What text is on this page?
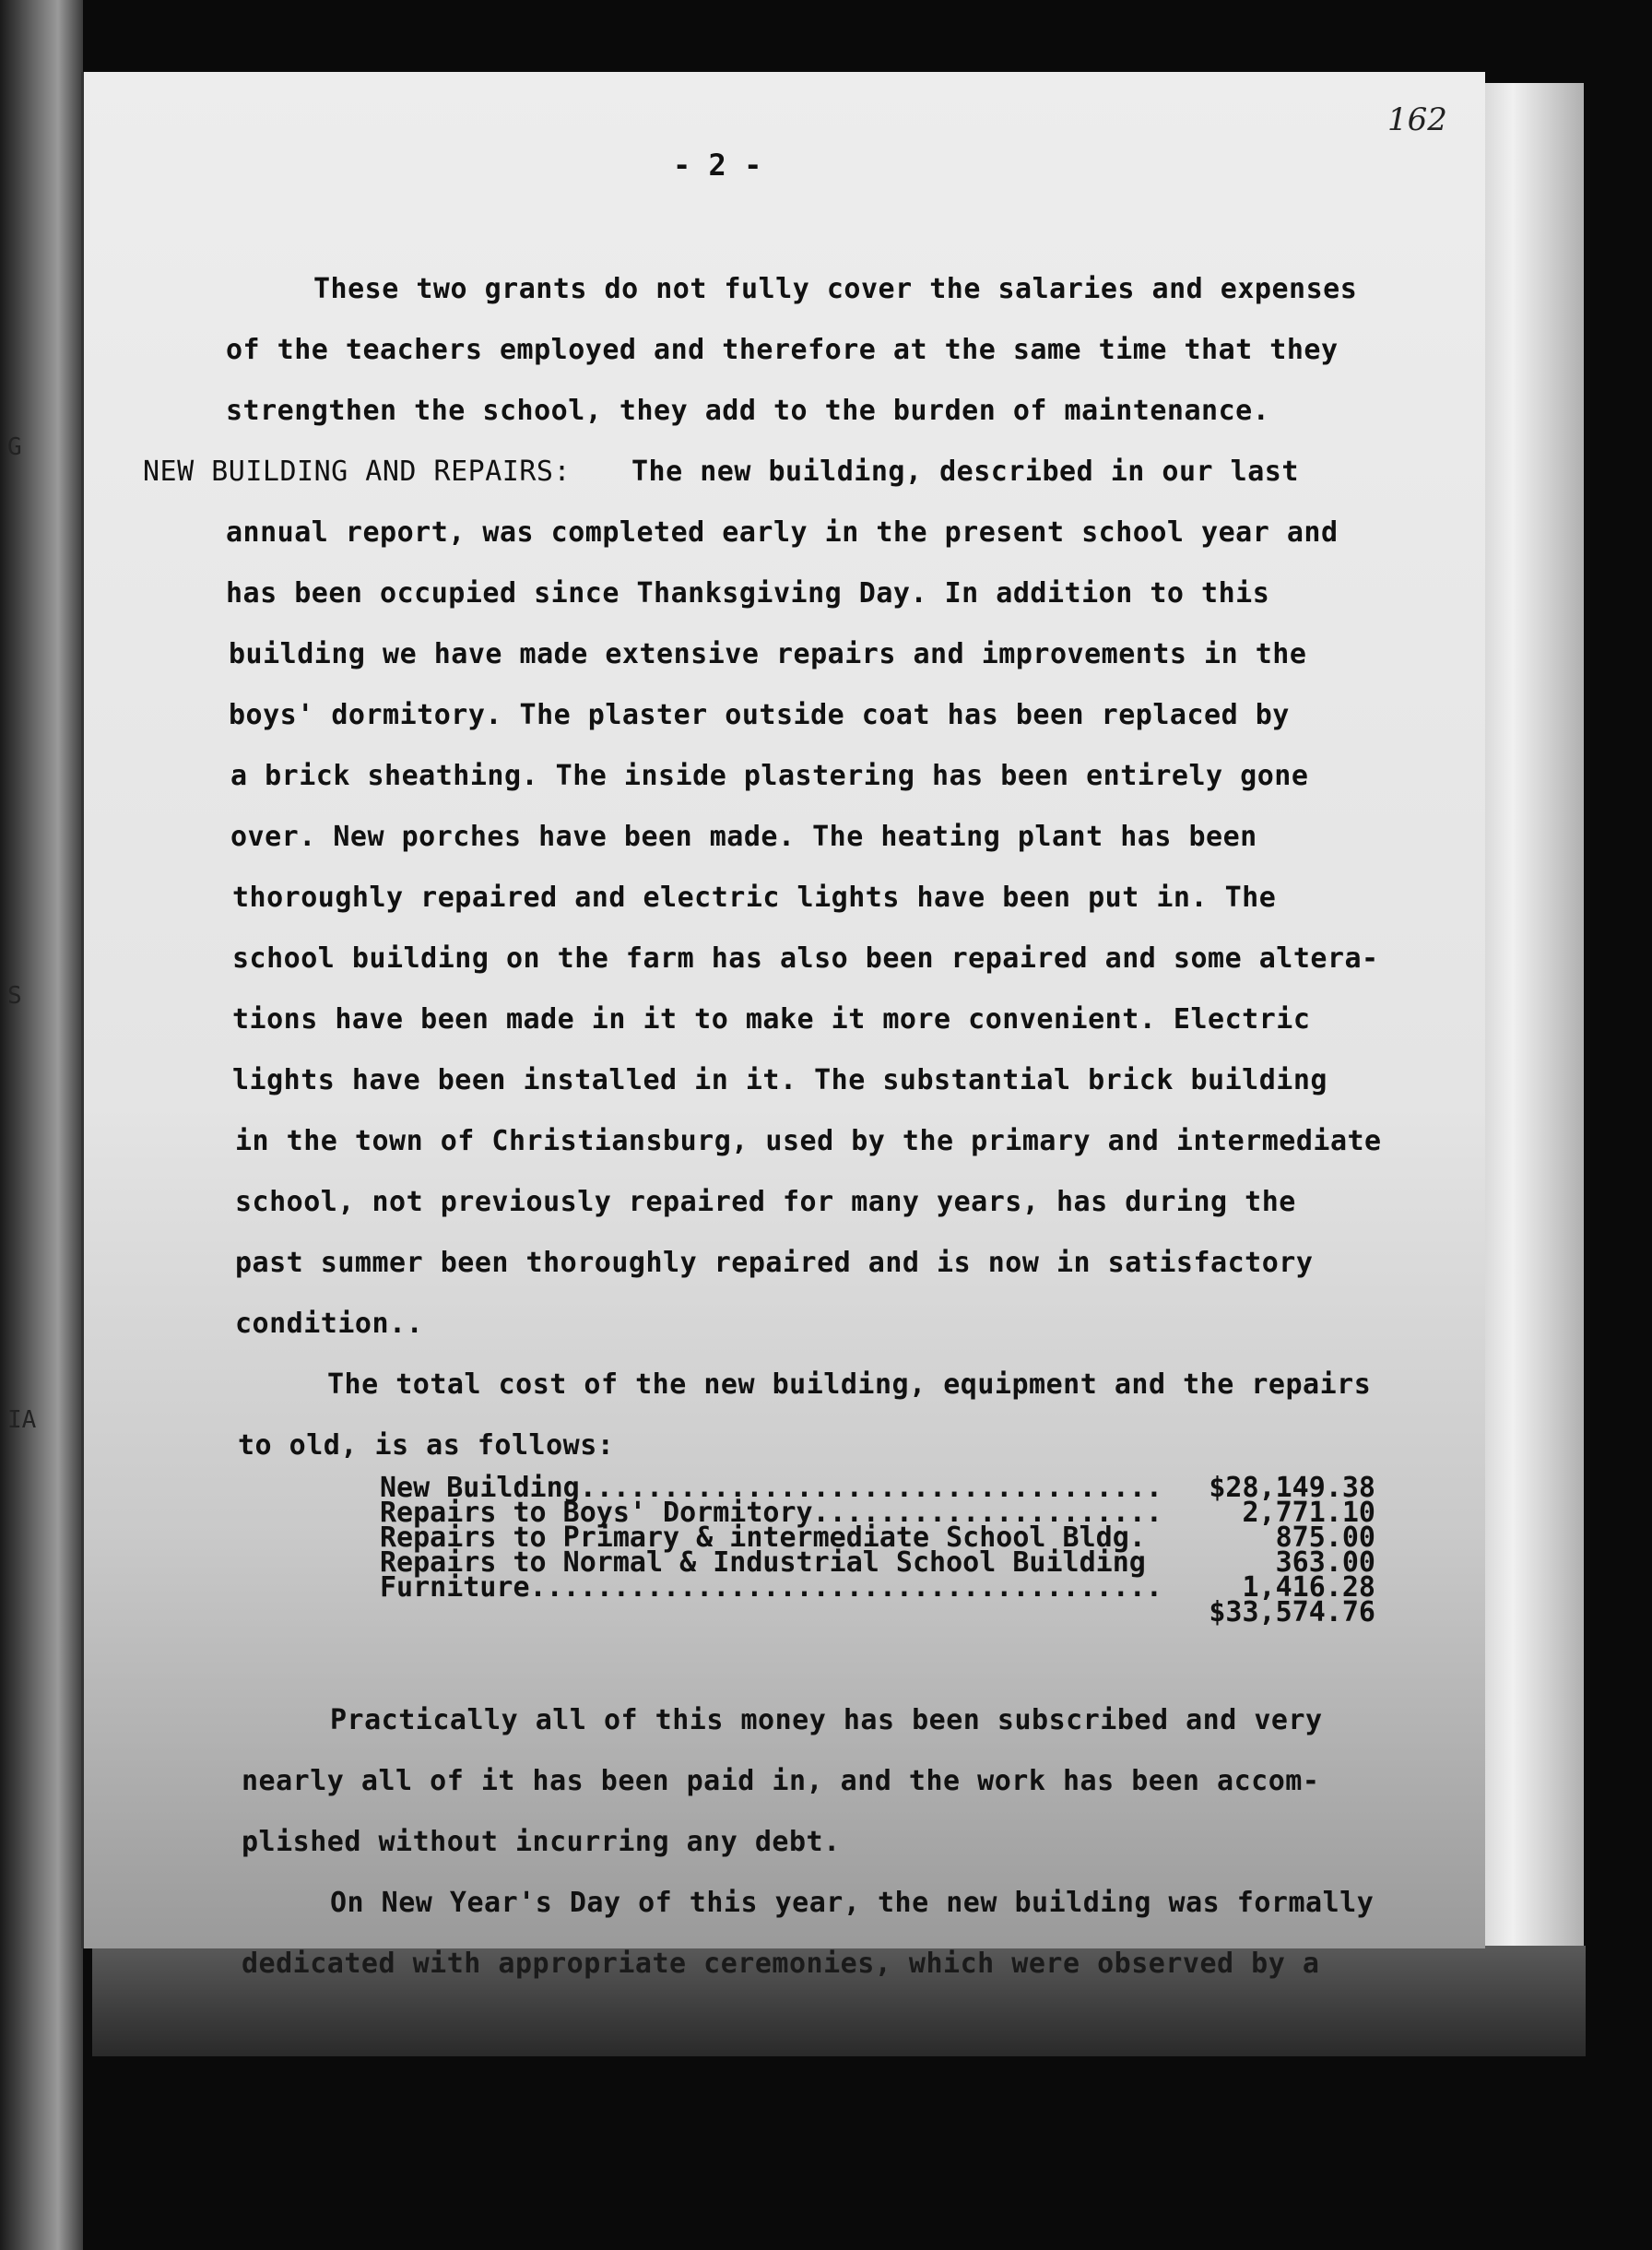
G
S
IA
162
- 2 -
These two grants do not fully cover the salaries and expenses
of the teachers employed and therefore at the same time that they
strengthen the school, they add to the burden of maintenance.
NEW BUILDING AND REPAIRS: The new building, described in our last
annual report, was completed early in the present school year and
has been occupied since Thanksgiving Day. In addition to this
building we have made extensive repairs and improvements in the
boys' dormitory. The plaster outside coat has been replaced by
a brick sheathing. The inside plastering has been entirely gone
over. New porches have been made. The heating plant has been
thoroughly repaired and electric lights have been put in. The
school building on the farm has also been repaired and some altera-
tions have been made in it to make it more convenient. Electric
lights have been installed in it. The substantial brick building
in the town of Christiansburg, used by the primary and intermediate
school, not previously repaired for many years, has during the
past summer been thoroughly repaired and is now in satisfactory
condition..
The total cost of the new building, equipment and the repairs
to old, is as follows:
New Building...................................	$28,149.38
Repairs to Boys' Dormitory.....................	2,771.10
Repairs to Primary & intermediate School Bldg.	875.00
Repairs to Normal & Industrial School Building	363.00
Furniture......................................	1,416.28
$33,574.76
Practically all of this money has been subscribed and very
nearly all of it has been paid in, and the work has been accom-
plished without incurring any debt.
On New Year's Day of this year, the new building was formally
dedicated with appropriate ceremonies, which were observed by a
